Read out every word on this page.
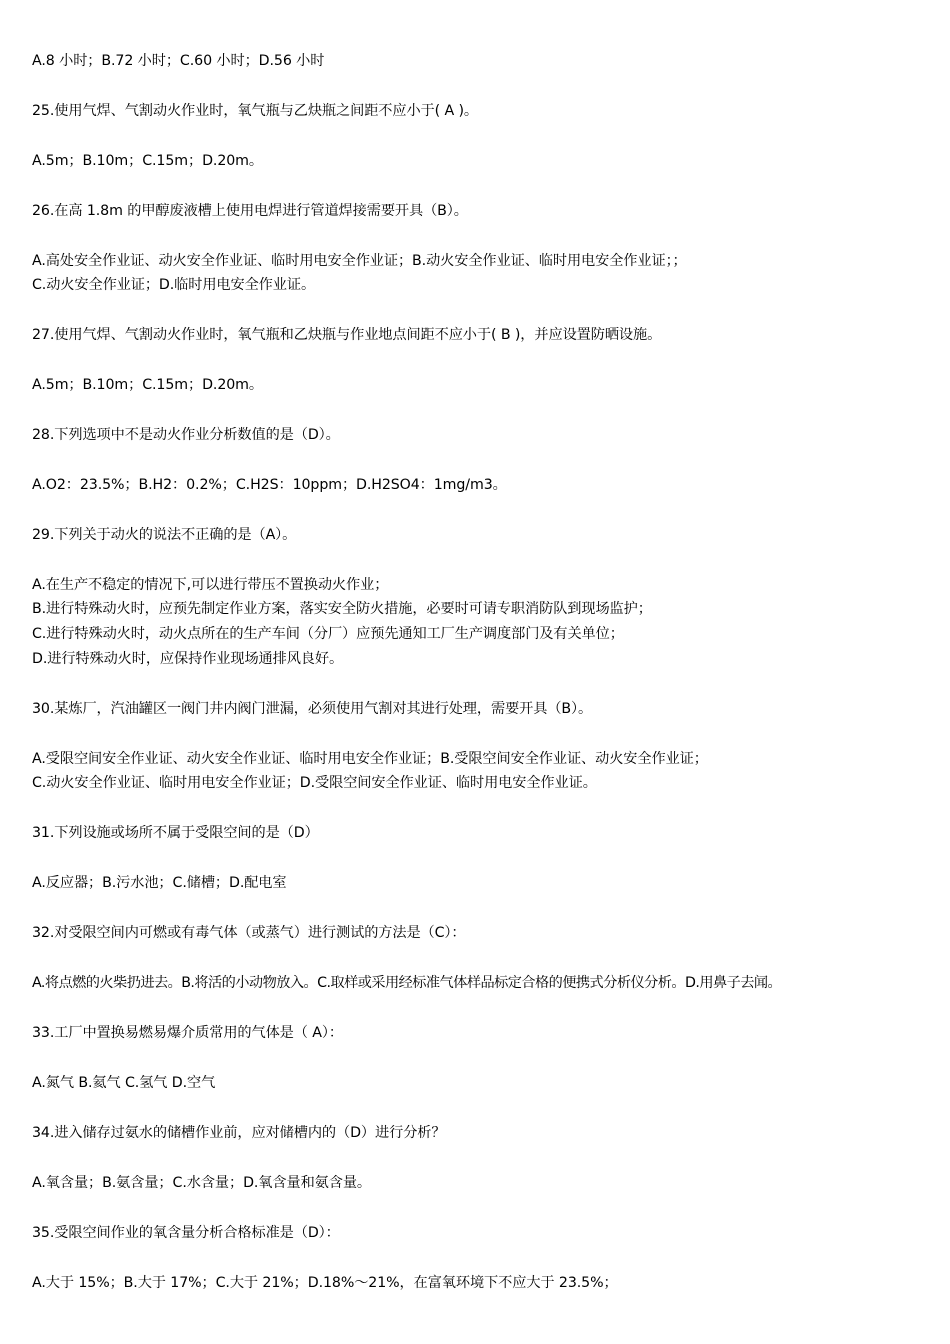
A.8 小时；B.72 小时；C.60 小时；D.56 小时
25.使用气焊、气割动火作业时，氧气瓶与乙炔瓶之间距不应小于( A )。
A.5m；B.10m；C.15m；D.20m。
26.在高 1.8m 的甲醇废液槽上使用电焊进行管道焊接需要开具（B）。
A.高处安全作业证、动火安全作业证、临时用电安全作业证；B.动火安全作业证、临时用电安全作业证；；
C.动火安全作业证；D.临时用电安全作业证。
27.使用气焊、气割动火作业时，氧气瓶和乙炔瓶与作业地点间距不应小于( B )，并应设置防晒设施。
A.5m；B.10m；C.15m；D.20m。
28.下列选项中不是动火作业分析数值的是（D）。
A.O2：23.5%；B.H2：0.2%；C.H2S：10ppm；D.H2SO4：1mg/m3。
29.下列关于动火的说法不正确的是（A）。
A.在生产不稳定的情况下,可以进行带压不置换动火作业；
B.进行特殊动火时，应预先制定作业方案，落实安全防火措施，必要时可请专职消防队到现场监护；
C.进行特殊动火时，动火点所在的生产车间（分厂）应预先通知工厂生产调度部门及有关单位；
D.进行特殊动火时，应保持作业现场通排风良好。
30.某炼厂，汽油罐区一阀门井内阀门泄漏，必须使用气割对其进行处理，需要开具（B）。
A.受限空间安全作业证、动火安全作业证、临时用电安全作业证；B.受限空间安全作业证、动火安全作业证；
C.动火安全作业证、临时用电安全作业证；D.受限空间安全作业证、临时用电安全作业证。
31.下列设施或场所不属于受限空间的是（D）
A.反应器；B.污水池；C.储槽；D.配电室
32.对受限空间内可燃或有毒气体（或蒸气）进行测试的方法是（C）：
A.将点燃的火柴扔进去。B.将活的小动物放入。C.取样或采用经标准气体样品标定合格的便携式分析仪分析。D.用鼻子去闻。
33.工厂中置换易燃易爆介质常用的气体是（ A）：
A.氮气 B.氦气 C.氢气 D.空气
34.进入储存过氨水的储槽作业前，应对储槽内的（D）进行分析？
A.氧含量；B.氨含量；C.水含量；D.氧含量和氨含量。
35.受限空间作业的氧含量分析合格标准是（D）：
A.大于 15%；B.大于 17%；C.大于 21%；D.18%～21%，在富氧环境下不应大于 23.5%；
